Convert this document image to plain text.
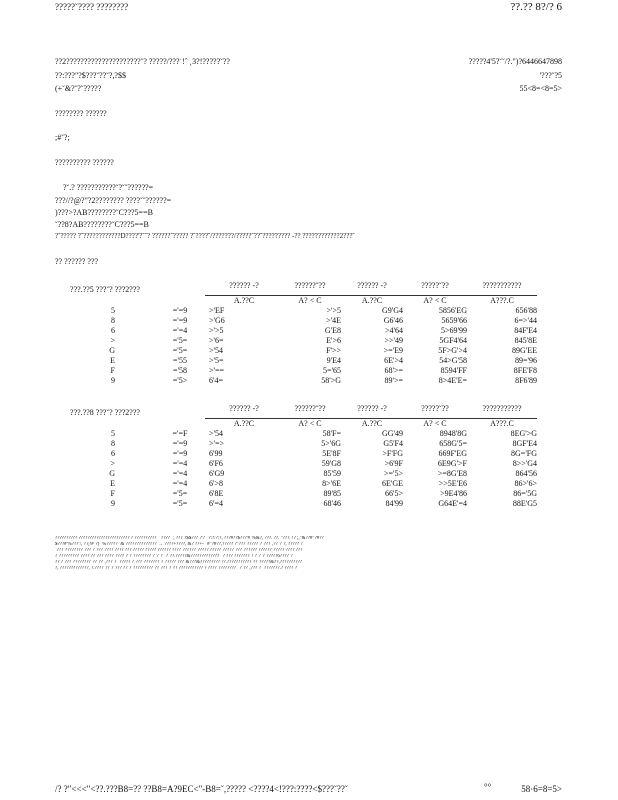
?????˘???? ????????	??.?? 8?/? 6
??2?????????????????????˘? ?????/???˙!ˆ ˛3?!?????˘??
??:???"?$???˘??˘?,?$$
(+˘&?˘?˘?????
?????4'5?˘˘/?.")?6446647898
'???˘?5
55<8=<8=5>
???????? ??????
;#˘?;
?????????? ??????
?˘.? ???????????˘?˘˘??????=
???//?@?"?2???????? ????˘˘??????=
)???>?AB????????˘C???5==B
˘??8?AB????????˘C???5==B
?˘????? ?˘????????????D????'?˘˘? ??????˘????? ?˘????˘/???????/?????˘??˘????????? -?? ????????????2???˘
?? ?????? ???
???.??5 ???˘? ???2???		?????? -?	??????˘??	?????? -?	?????˘??	???????????
		A.??C	A? < C	A.??C	A? < C	A???.C
5	='=9	>'EF	>'>5	G9'G4	5856'EG	656'88
8	='=9	>'G6	>'4E	G6'46	5659'66	6=>'44
6	='=4	>'>5	G'E8	>4'64	5>69'99	84F'E4
>	='5=	>'6=	E'>6	>>'49	5GF4'64	845'8E
G	='5=	>'54	F'>>	>='E9	5F>G'>4	89G'EE
E	='55	>'5=	9'E4	6E'>4	54>G'58	89='96
F	='58	>'==	5='65	68'>=	8594'FF	8FE'F8
9	='5>	6'4=	58'>G	89'>=	8>4E'E=	8F6'89
???.??8 ???˘? ???2???		?????? -?	??????˘??	?????? -?	?????˘??	???????????
		A.??C	A? < C	A.??C	A? < C	A???.C
5	='=F	>'54	58'F=	GG'49	8948'8G	8EG'>G
8	='=9	>'=>	5>'6G	G5'F4	658G'5=	8GF'E4
6	='=9	6'99	5E'8F	>F'FG	669F'EG	8G='FG
>	='=4	6'F6	59'G8	>6'9F	6E9G'>F	8>>'G4
G	='=4	6'G9	85'59	>='5>	>=8G'E8	864'56
E	='=4	6'>8	8>'6E	6E'GE	>>5E'E6	86>'6>
F	='5=	6'8E	89'85	66'5>	>9E4'86	86='5G
9	='5=	6'=4	68'46	84'99	G64E'=4	88E'G5
?????????? ??????????????????????? ? ??????????˘˘ ????˘˘; ???˘?$$???˘?'?˘˘?:?:?:?, ???#??$???'#˘%&?, ???. ??. "???. !? ;,"&??#"?#??
$???#'%???'!, ?˘(?#˘?) ˘%????? ˘& ??????????????˘→ ????+????, &? ??+-˘˘#"?#??,????? ?"???˘?????˘?˘???˘,??˘?˘?, ????? ?
˘???˘????????˘??? ?˘???˘???? ???? ??? ????? ????? ?????? ????˘??????˘????? ?????˘?????˘???˘?????? ??????˘????? ???? ???
?˘?????????˘???? ??˘??? ????˘????˘? ?˘????????˘?˘?˘?˘˘?˘??.?????&?????????????˘˘? ??? ???????˘? ?˘?˘?˘?????6????˘?
?? ?˘???˘????????˘??˘??˘,???˘?˘ ????? ?˘???˘???????˘?˘????? ???˘&???&????????? ??.???????????˘??˘?????&??,??????????
?, ?????????????, ?.????˘??˘?˘??? ??˘?˘?????????˘??˘???˘?˘?? ??????????? ? ????˘????????˘˘?˘??˘,???˘?˘ ???????.? ????˘?
/? ?"<<<"<??.???B8=?? ??B8=A?9EC<"-B8=˘,????? <????4<!???:????<$???˘??˘	°°	58·6=8=5>
